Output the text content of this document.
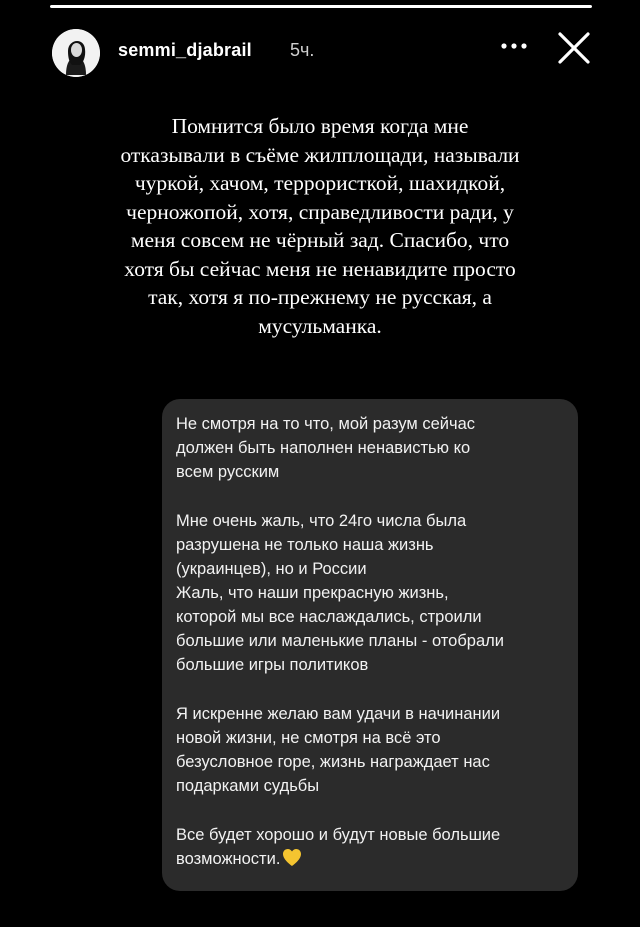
semmi_djabrail 5ч.
Помнится было время когда мне
отказывали в съёме жилплощади, называли
чуркой, хачом, террористкой, шахидкой,
черножопой, хотя, справедливости ради, у
меня совсем не чёрный зад. Спасибо, что
хотя бы сейчас меня не ненавидите просто
так, хотя я по-прежнему не русская, а
мусульманка.
Не смотря на то что, мой разум сейчас
должен быть наполнен ненавистью ко
всем русским
Мне очень жаль, что 24го числа была
разрушена не только наша жизнь
(украинцев), но и России
Жаль, что наши прекрасную жизнь,
которой мы все наслаждались, строили
большие или маленькие планы - отобрали
большие игры политиков
Я искренне желаю вам удачи в начинании
новой жизни, не смотря на всё это
безусловное горе, жизнь награждает нас
подарками судьбы
Все будет хорошо и будут новые большие
возможности.
